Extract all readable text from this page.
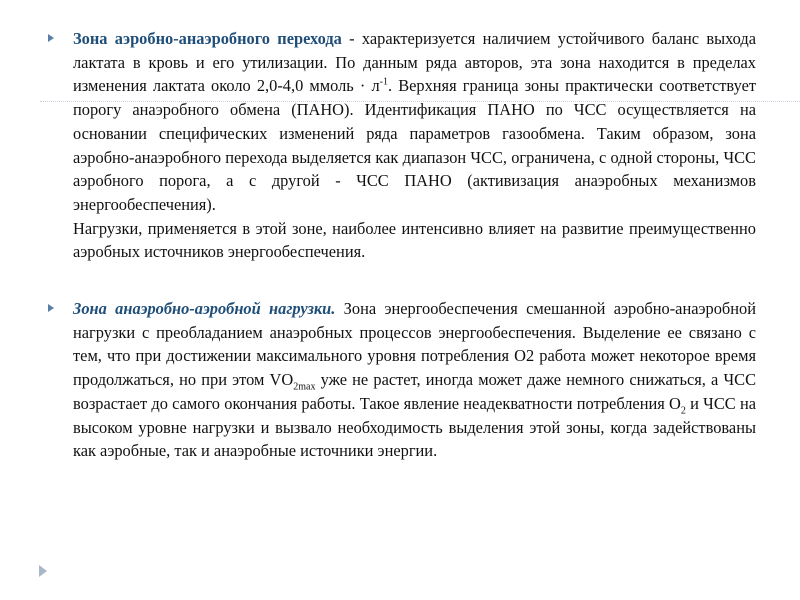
Зона аэробно-анаэробного перехода - характеризуется наличием устойчивого баланс выхода лактата в кровь и его утилизации. По данным ряда авторов, эта зона находится в пределах изменения лактата около 2,0-4,0 ммоль · $л^{-1}$. Верхняя граница зоны практически соответствует порогу анаэробного обмена (ПАНО). Идентификация ПАНО по ЧСС осуществляется на основании специфических изменений ряда параметров газообмена. Таким образом, зона аэробно-анаэробного перехода выделяется как диапазон ЧСС, ограничена, с одной стороны, ЧСС аэробного порога, а с другой - ЧСС ПАНО (активизация анаэробных механизмов энергообеспечения).
Нагрузки, применяется в этой зоне, наиболее интенсивно влияет на развитие преимущественно аэробных источников энергообеспечения.

Зона анаэробно-аэробной нагрузки. Зона энергообеспечения смешанной аэробно-анаэробной нагрузки с преобладанием анаэробных процессов энергообеспечения. Выделение ее связано с тем, что при достижении максимального уровня потребления О2 работа может некоторое время продолжаться, но при этом $VO_{2max}$ уже не растет, иногда может даже немного снижаться, а ЧСС возрастает до самого окончания работы. Такое явление неадекватности потребления $О_2$ и ЧСС на высоком уровне нагрузки и вызвало необходимость выделения этой зоны, когда задействованы как аэробные, так и анаэробные источники энергии.
